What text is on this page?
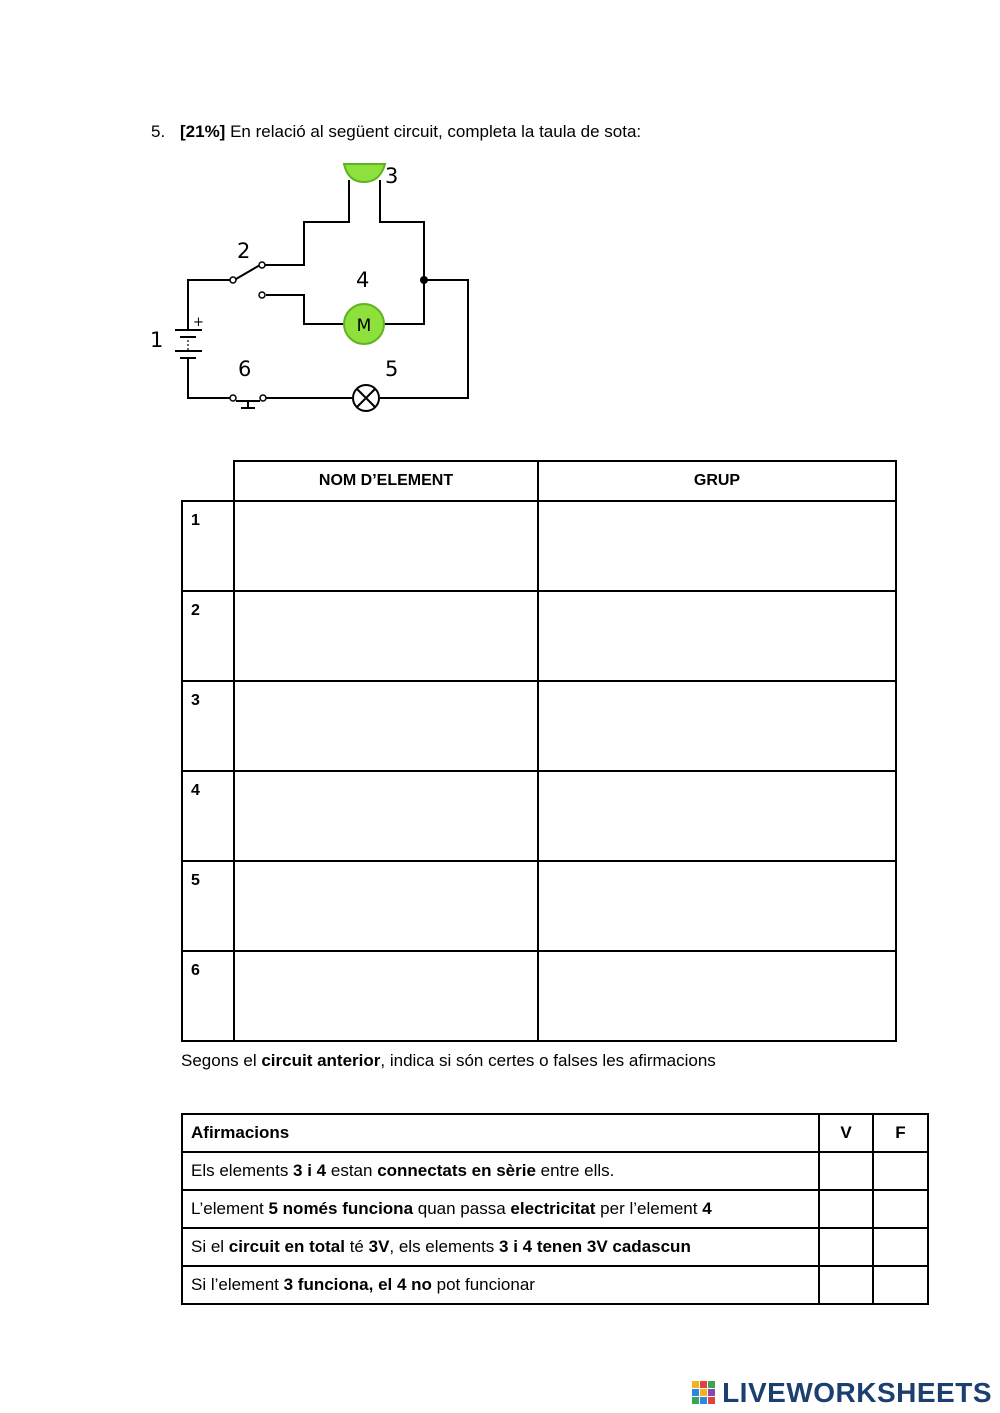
5. [21%] En relació al següent circuit, completa la taula de sota:
+
1
2
3
M
4
5
6
	NOM D’ELEMENT	GRUP
1	

2	

3	

4	

5	

6	

Segons el circuit anterior, indica si són certes o falses les afirmacions
Afirmacions	V	F
Els elements 3 i 4 estan connectats en sèrie entre ells.		
L’element 5 només funciona quan passa electricitat per l’element 4		
Si el circuit en total té 3V, els elements 3 i 4 tenen 3V cadascun		
Si l’element 3 funciona, el 4 no pot funcionar		
LIVEWORKSHEETS
